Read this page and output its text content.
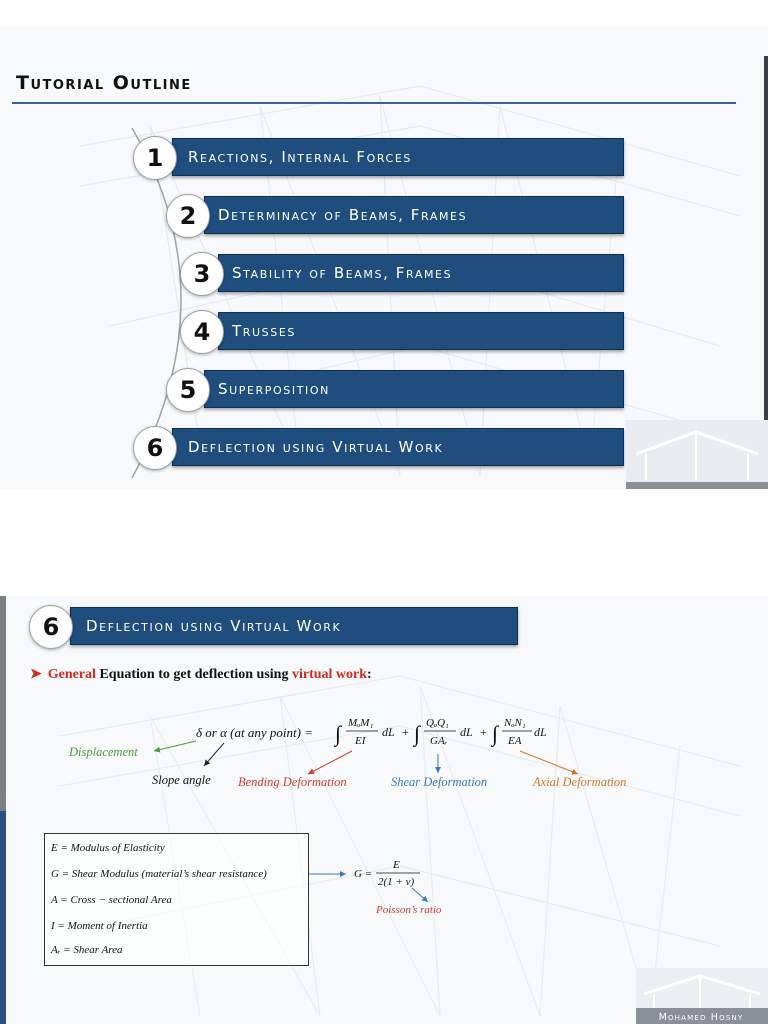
Tutorial Outline
Reactions, Internal Forces
1
Determinacy of Beams, Frames
2
Stability of Beams, Frames
3
Trusses
4
Superposition
5
Deflection using Virtual Work
6
Mohamed Hosny
Deflection using Virtual Work
6
➤ General Equation to get deflection using virtual work:
δ or α (at any point) = ∫ MₒM₁
EI
dL + ∫ QₒQ₁
GAᵣ
dL + ∫ NₒN₁
EA
dL
Displacement
Slope angle Bending Deformation	Shear Deformation	Axial Deformation
G =
E
2(1 + ν)
Poisson’s ratio
E = Modulus of Elasticity
G = Shear Modulus (material’s shear resistance)
A = Cross − sectional Area
I = Moment of Inertia
Aᵣ = Shear Area
Mohamed Hosny
